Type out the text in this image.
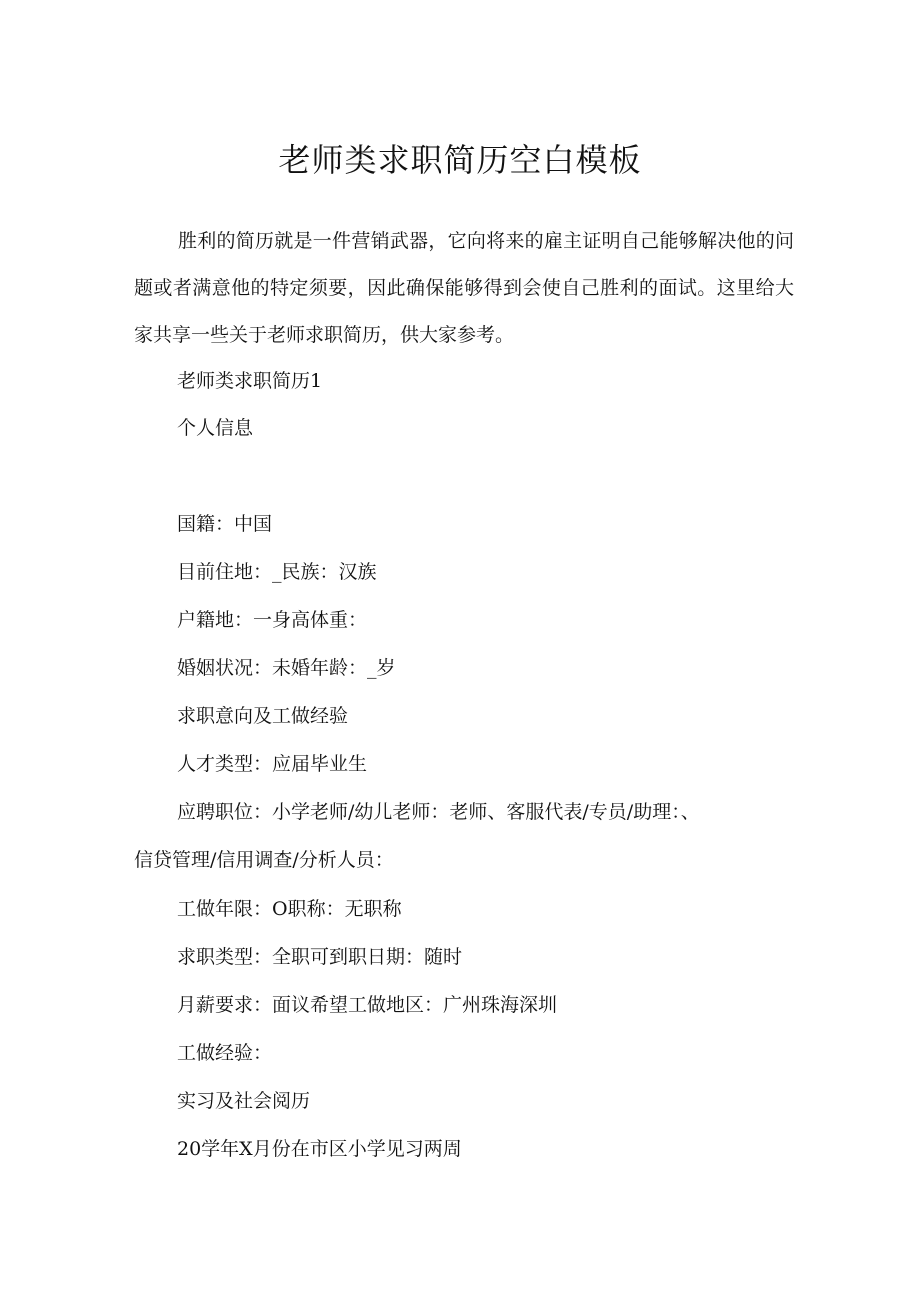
老师类求职简历空白模板

胜利的简历就是一件营销武器，它向将来的雇主证明自己能够解决他的问题或者满意他的特定须要，因此确保能够得到会使自己胜利的面试。这里给大家共享一些关于老师求职简历，供大家参考。

老师类求职简历1

个人信息

国籍：中国

目前住地：_民族：汉族

户籍地：一身高体重：

婚姻状况：未婚年龄：_岁

求职意向及工做经验

人才类型：应届毕业生

应聘职位：小学老师/幼儿老师：老师、客服代表/专员/助理：、

信贷管理/信用调查/分析人员：

工做年限：O职称：无职称

求职类型：全职可到职日期：随时

月薪要求：面议希望工做地区：广州珠海深圳

工做经验：

实习及社会阅历

20学年X月份在市区小学见习两周
